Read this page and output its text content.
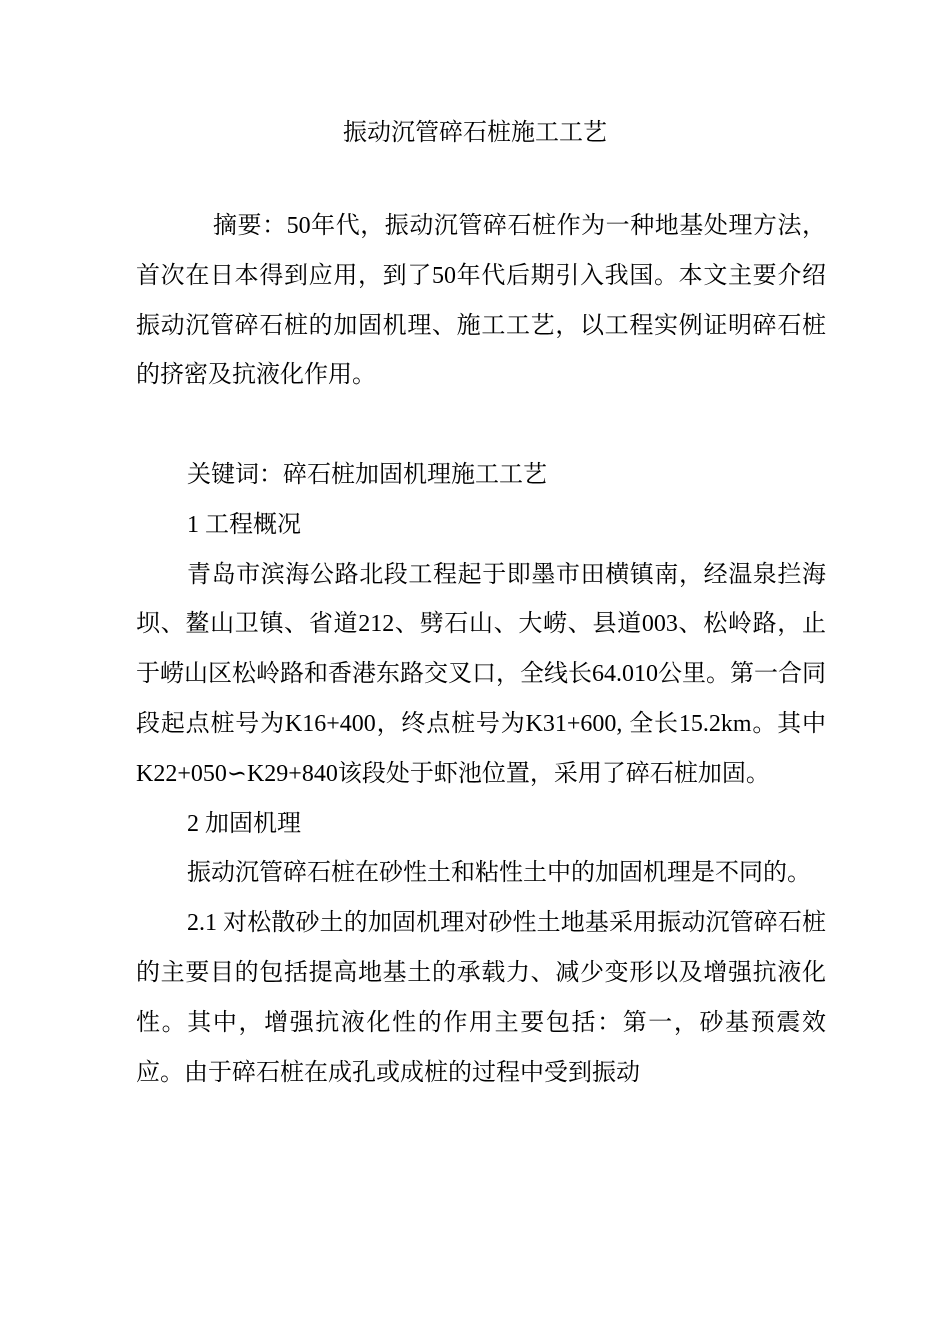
振动沉管碎石桩施工工艺

摘要：50年代，振动沉管碎石桩作为一种地基处理方法，首次在日本得到应用，到了50年代后期引入我国。本文主要介绍振动沉管碎石桩的加固机理、施工工艺，以工程实例证明碎石桩的挤密及抗液化作用。

关键词：碎石桩加固机理施工工艺

1 工程概况

青岛市滨海公路北段工程起于即墨市田横镇南，经温泉拦海坝、鳌山卫镇、省道212、劈石山、大崂、县道003、松岭路，止于崂山区松岭路和香港东路交叉口，全线长64.010公里。第一合同段起点桩号为K16+400，终点桩号为K31+600, 全长15.2km。其中K22+050∽K29+840该段处于虾池位置，采用了碎石桩加固。

2 加固机理

振动沉管碎石桩在砂性土和粘性土中的加固机理是不同的。

2.1 对松散砂土的加固机理对砂性土地基采用振动沉管碎石桩的主要目的包括提高地基土的承载力、减少变形以及增强抗液化性。其中，增强抗液化性的作用主要包括：第一，砂基预震效应。由于碎石桩在成孔或成桩的过程中受到振动
